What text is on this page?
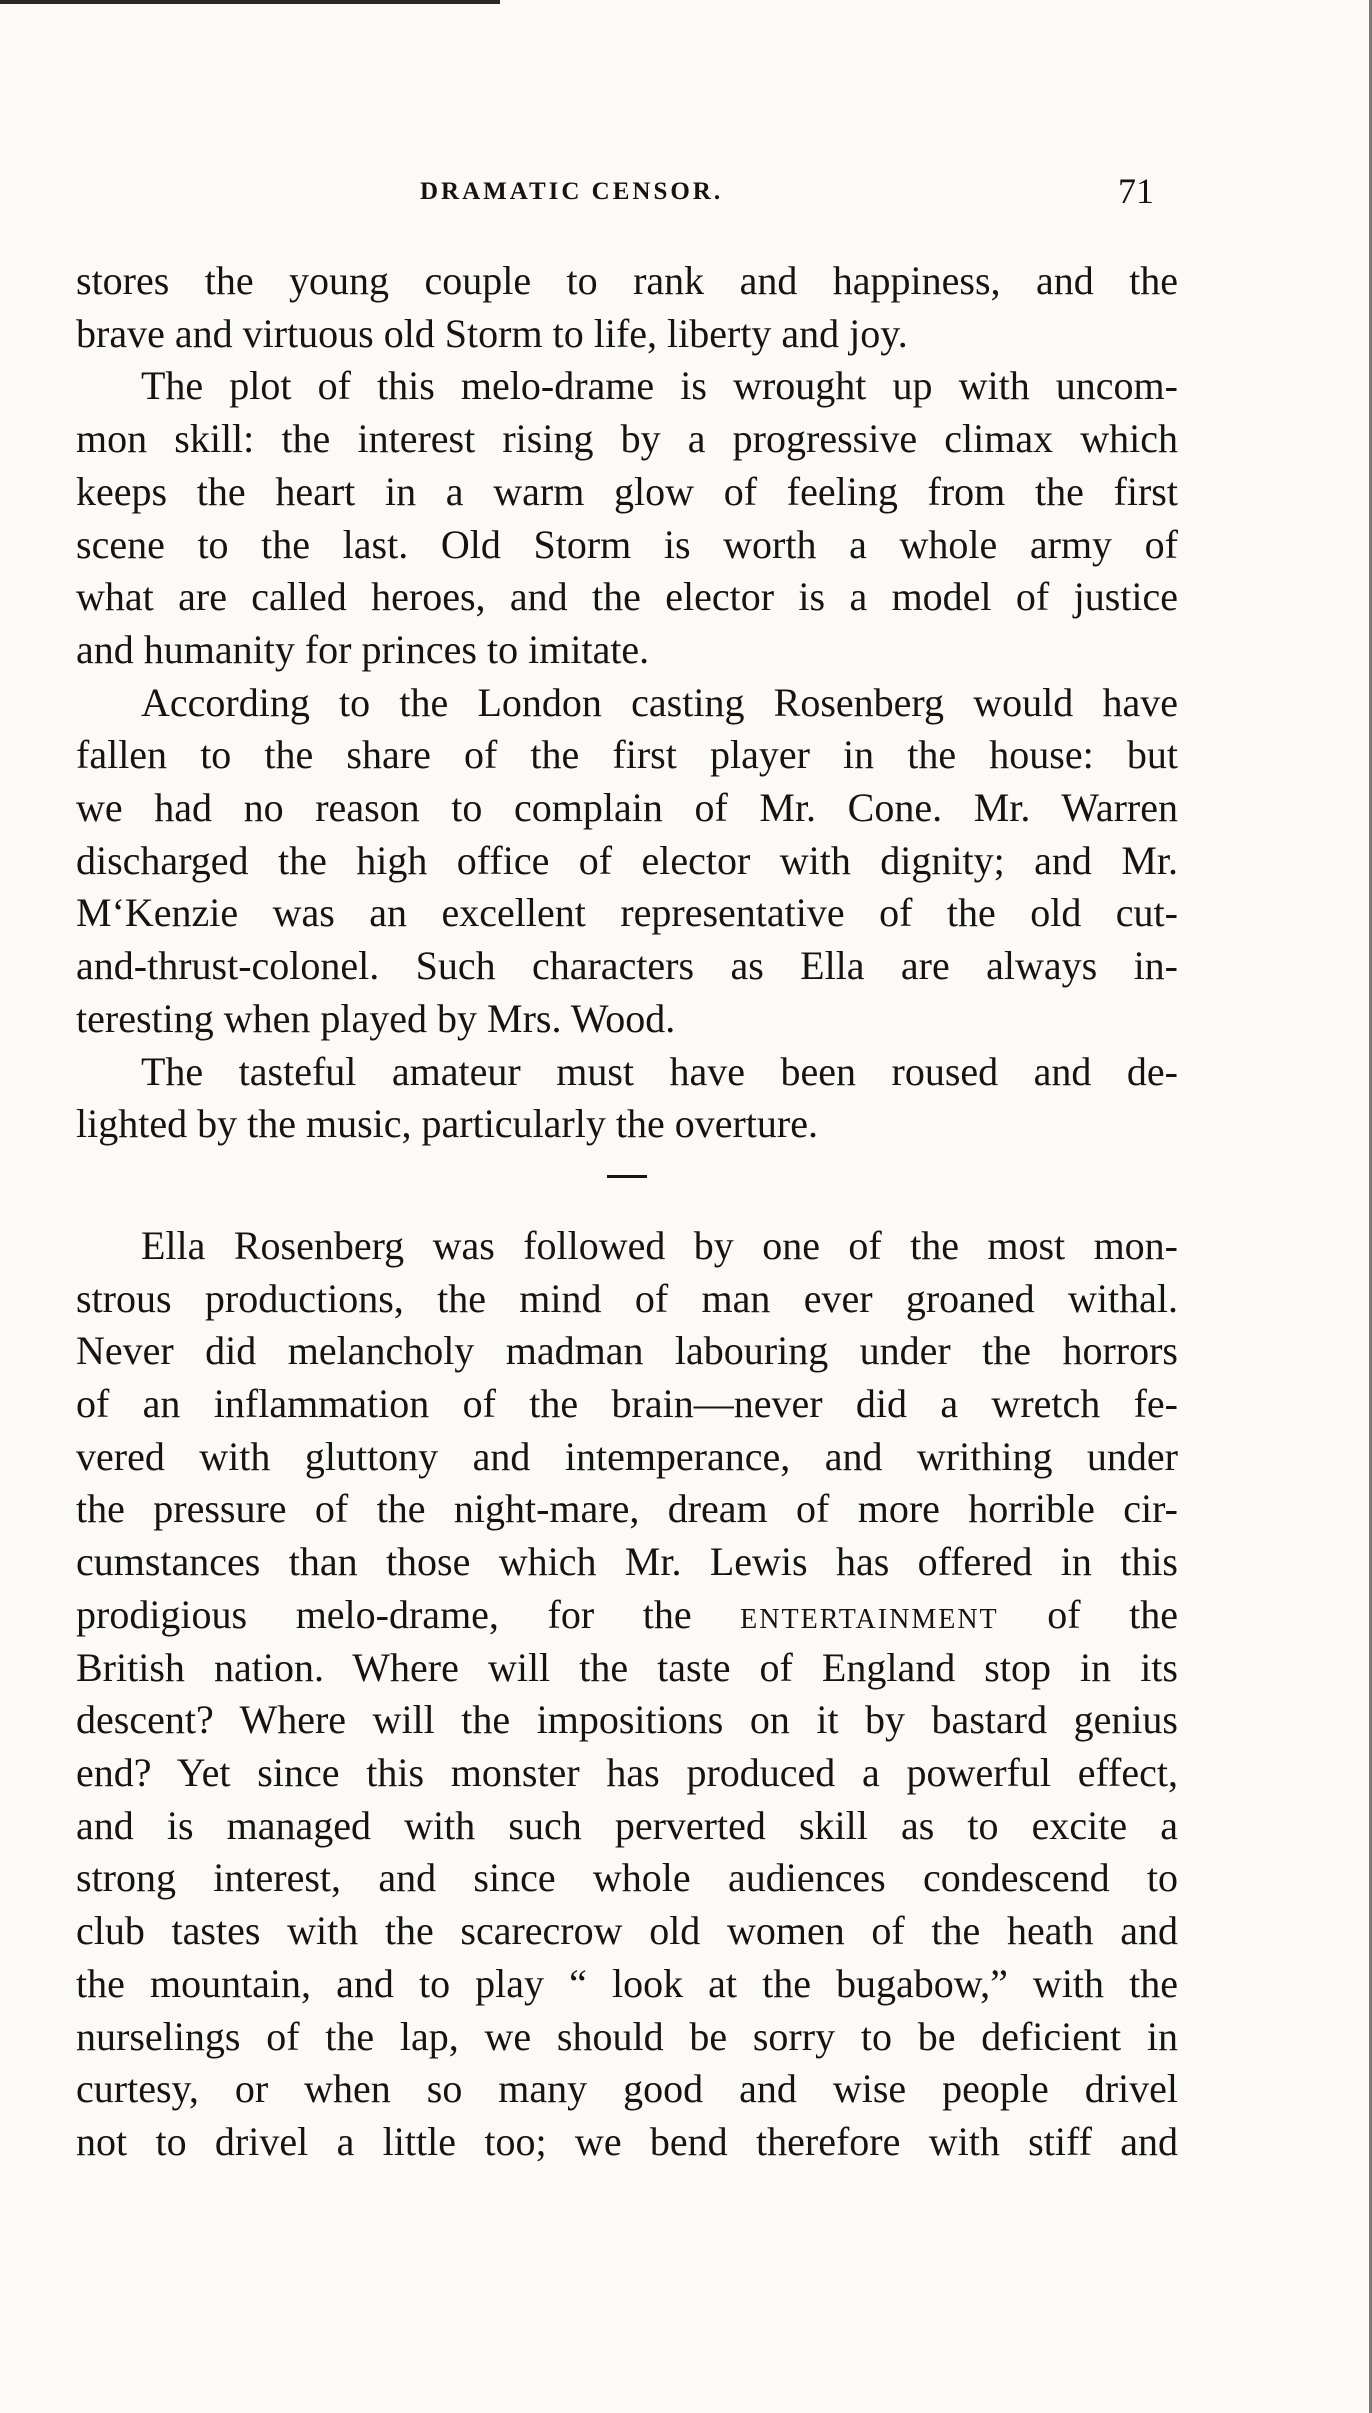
DRAMATIC CENSOR.	71
stores the young couple to rank and happiness, and the
brave and virtuous old Storm to life, liberty and joy.
The plot of this melo-drame is wrought up with uncom-
mon skill: the interest rising by a progressive climax which
keeps the heart in a warm glow of feeling from the first
scene to the last. Old Storm is worth a whole army of
what are called heroes, and the elector is a model of justice
and humanity for princes to imitate.
According to the London casting Rosenberg would have
fallen to the share of the first player in the house: but
we had no reason to complain of Mr. Cone. Mr. Warren
discharged the high office of elector with dignity; and Mr.
M‘Kenzie was an excellent representative of the old cut-
and-thrust-colonel. Such characters as Ella are always in-
teresting when played by Mrs. Wood.
The tasteful amateur must have been roused and de-
lighted by the music, particularly the overture.
Ella Rosenberg was followed by one of the most mon-
strous productions, the mind of man ever groaned withal.
Never did melancholy madman labouring under the horrors
of an inflammation of the brain—never did a wretch fe-
vered with gluttony and intemperance, and writhing under
the pressure of the night-mare, dream of more horrible cir-
cumstances than those which Mr. Lewis has offered in this
prodigious melo-drame, for the entertainment of the
British nation. Where will the taste of England stop in its
descent? Where will the impositions on it by bastard genius
end? Yet since this monster has produced a powerful effect,
and is managed with such perverted skill as to excite a
strong interest, and since whole audiences condescend to
club tastes with the scarecrow old women of the heath and
the mountain, and to play “ look at the bugabow,” with the
nurselings of the lap, we should be sorry to be deficient in
curtesy, or when so many good and wise people drivel
not to drivel a little too; we bend therefore with stiff and
